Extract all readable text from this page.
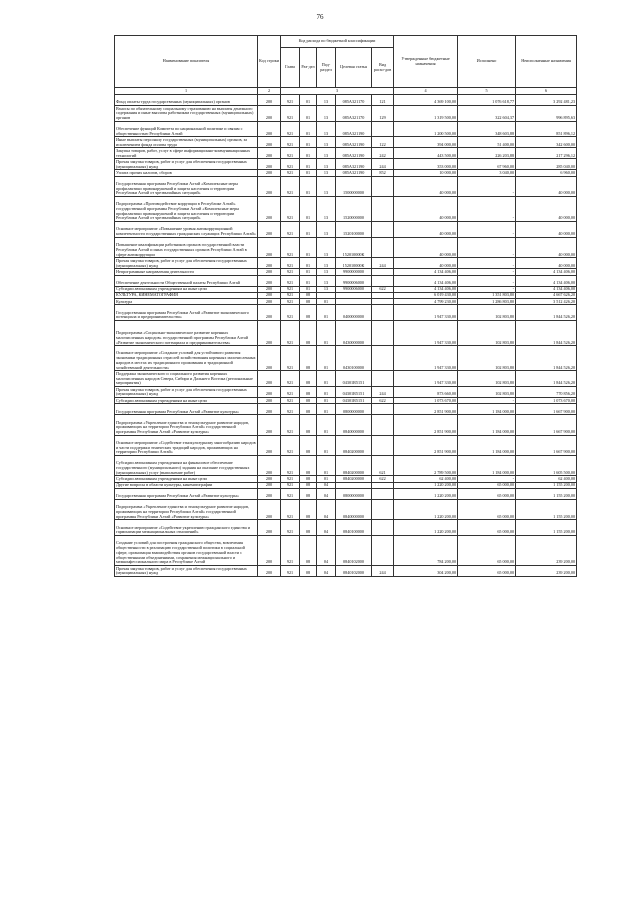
76
Наименование показателя	Код строки	Код расхода по бюджетной классификации					Утвержденные бюджетные назначения	Исполнено	Неисполненные назначения
		Глава	Раз-дел	Под-раздел	Целевая статья	Вид расхо-дов			
1	2	3					4	5	6
Фонд оплаты труда государственных (муниципальных) органов	200	921	01	13	085А321170	121	4 369 100,00	1 076 618,77	3 292 481,23
Взносы по обязательному социальному страхованию на выплаты денежного содержания и иные выплаты работникам государственных (муниципальных) органов	200	921	01	13	085А321170	129	1 319 500,00	322 604,37	996 895,63
Обеспечение функций Комитета по национальной политике и связям с общественностью Республики Алтай	200	921	01	13	085А321190		1 200 500,00	348 603,88	851 896,12
Иные выплаты персоналу государственных (муниципальных) органов, за исключением фонда оплаты труда	200	921	01	13	085А321190	122	394 000,00	51 400,00	342 600,00
Закупка товаров, работ, услуг в сфере информационно-коммуникационных технологий	200	921	01	13	085А321190	242	443 500,00	226 203,88	217 296,12
Прочая закупка товаров, работ и услуг для обеспечения государственных (муниципальных) нужд	200	921	01	13	085А321190	244	353 000,00	67 960,00	285 040,00
Уплата прочих налогов, сборов	200	921	01	13	085А321190	852	10 000,00	3 040,00	6 960,00
Государственная программа Республики Алтай «Комплексные меры профилактики правонарушений и защита населения и территории Республики Алтай от чрезвычайных ситуаций»	200	921	01	13	1500000000		40 000,00	-	40 000,00
Подпрограмма «Противодействие коррупции в Республике Алтай» государственной программы Республики Алтай «Комплексные меры профилактики правонарушений и защита населения и территории Республики Алтай от чрезвычайных ситуаций»	200	921	01	13	1520000000		40 000,00	-	40 000,00
Основное мероприятие «Повышение уровня антикоррупционной компетентности государственных гражданских служащих Республики Алтай»	200	921	01	13	1520100000		40 000,00	-	40 000,00
Повышение квалификации работников органов государственной власти Республики Алтай и иных государственных органов Республики Алтай в сфере антикоррупции	200	921	01	13	152010000К		40 000,00	-	40 000,00
Прочая закупка товаров, работ и услуг для обеспечения государственных (муниципальных) нужд	200	921	01	13	152010000К	244	40 000,00	-	40 000,00
Непрограммные направления деятельности	200	921	01	13	9900000000		4 134 406,00	-	4 134 406,00
Обеспечение деятельности Общественной палаты Республики Алтай	200	921	01	13	9900006000		4 134 406,00	-	4 134 406,00
Субсидии автономным учреждениям на иные цели	200	921	01	13	9900006000	622	4 134 406,00	-	4 134 406,00
КУЛЬТУРА, КИНЕМАТОГРАФИЯ	200	921	08				6 019 430,00	1 351 803,80	4 667 626,20
Культура	200	921	08	01			4 799 230,00	1 286 803,80	3 512 426,20
Государственная программа Республики Алтай «Развитие экономического потенциала и предпринимательства»	200	921	08	01	0400000000		1 947 330,00	102 803,80	1 844 526,20
Подпрограмма «Социально-экономическое развитие коренных малочисленных народов» государственной программы Республики Алтай «Развитие экономического потенциала и предпринимательства»	200	921	08	01	0430000000		1 947 330,00	102 803,80	1 844 526,20
Основное мероприятие «Создание условий для устойчивого развития экономики традиционных отраслей хозяйствования коренных малочисленных народов в местах их традиционного проживания и традиционной хозяйственной деятельности»	200	921	08	01	0430100000		1 947 330,00	102 803,80	1 844 526,20
Поддержка экономического и социального развития коренных малочисленных народов Севера, Сибири и Дальнего Востока (региональные мероприятия)	200	921	08	01	04301R5151		1 947 330,00	102 803,80	1 844 526,20
Прочая закупка товаров, работ и услуг для обеспечения государственных (муниципальных) нужд	200	921	08	01	04301R5151	244	873 660,00	102 803,80	770 856,20
Субсидии автономным учреждениям на иные цели	200	921	08	01	04301R5151	622	1 073 670,00	-	1 073 670,00
Государственная программа Республики Алтай «Развитие культуры»	200	921	08	01	0800000000		2 851 900,00	1 184 000,00	1 667 900,00
Подпрограмма «Укрепление единства и этнокультурное развитие народов, проживающих на территории Республики Алтай» государственной программы Республики Алтай «Развитие культуры»	200	921	08	01	0840000000		2 851 900,00	1 184 000,00	1 667 900,00
Основное мероприятие «Содействие этнокультурному многообразию народов и части поддержки этнических традиций народов, проживающих на территории Республики Алтай»	200	921	08	01	0840200000		2 851 900,00	1 184 000,00	1 667 900,00
Субсидии автономным учреждениям на финансовое обеспечение государственного (муниципального) задания на оказание государственных (муниципальных) услуг (выполнение работ)	200	921	08	01	0840200000	621	2 789 500,00	1 184 000,00	1 605 500,00
Субсидии автономным учреждениям на иные цели	200	921	08	01	0840200000	622	62 400,00	-	62 400,00
Другие вопросы в области культуры, кинематографии	200	921	08	04			1 220 200,00	65 000,00	1 155 200,00
Государственная программа Республики Алтай «Развитие культуры»	200	921	08	04	0800000000		1 220 200,00	65 000,00	1 155 200,00
Подпрограмма «Укрепление единства и этнокультурное развитие народов, проживающих на территории Республики Алтай» государственной программы Республики Алтай «Развитие культуры»	200	921	08	04	0840000000		1 220 200,00	65 000,00	1 155 200,00
Основное мероприятие «Содействие укреплению гражданского единства и гармонизации межнациональных отношений»	200	921	08	04	0840100000		1 220 200,00	65 000,00	1 155 200,00
Создание условий для построения гражданского общества, вовлечения общественности в реализацию государственной политики в социальной сфере, организация взаимодействия органов государственной власти с общественными объединениями, сохранения межнационального и межконфессионального мира в Республике Алтай	200	921	08	04	0840102000		784 200,00	65 000,00	239 200,00
Прочая закупка товаров, работ и услуг для обеспечения государственных (муниципальных) нужд	200	921	08	04	0840102000	244	304 200,00	65 000,00	239 200,00
